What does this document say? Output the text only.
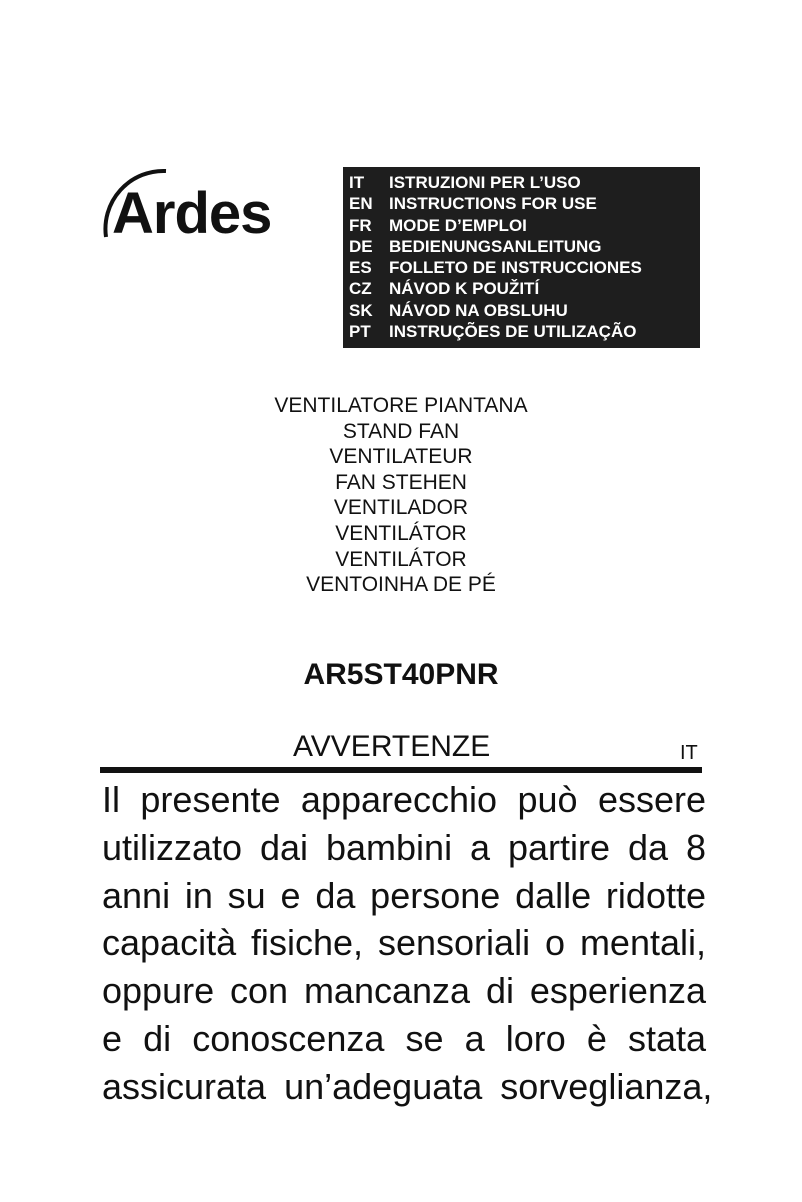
Ardes	IT	ISTRUZIONI PER L’USO
EN INSTRUCTIONS FOR USE
FR	MODE D’EMPLOI
DE BEDIENUNGSANLEITUNG
ES	FOLLETO DE INSTRUCCIONES
CZ	NÁVOD K POUŽITÍ
SK NÁVOD NA OBSLUHU
PT	INSTRUÇÕES DE UTILIZAÇÃO
VENTILATORE PIANTANA
STAND FAN
VENTILATEUR
FAN STEHEN
VENTILADOR
VENTILÁTOR
VENTILÁTOR
VENTOINHA DE PÉ
AR5ST40PNR
AVVERTENZE	IT
Il presente apparecchio può essere
utilizzato dai bambini a partire da 8
anni in su e da persone dalle ridotte
capacità fisiche, sensoriali o mentali,
oppure con mancanza di esperienza
e di conoscenza se a loro è stata
assicurata un’adeguata sorveglianza,
